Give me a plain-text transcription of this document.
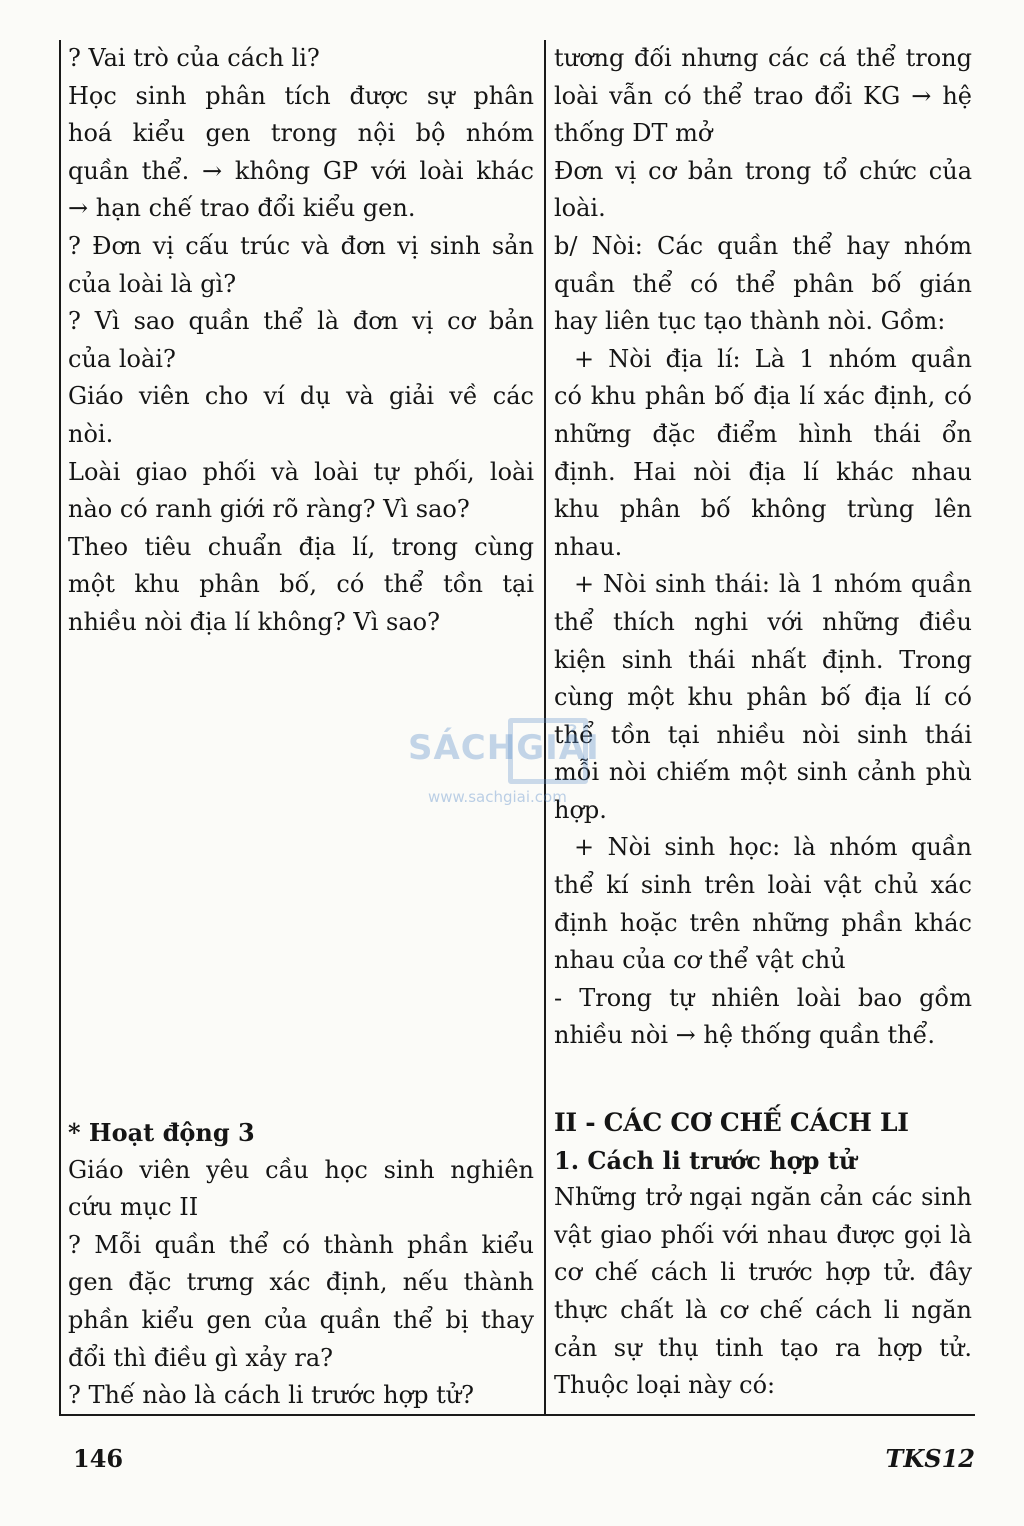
? Vai trò của cách li?
Học sinh phân tích được sự phân
hoá kiểu gen trong nội bộ nhóm
quần thể. → không GP với loài khác
→ hạn chế trao đổi kiểu gen.
? Đơn vị cấu trúc và đơn vị sinh sản
của loài là gì?
? Vì sao quần thể là đơn vị cơ bản
của loài?
Giáo viên cho ví dụ và giải về các
nòi.
Loài giao phối và loài tự phối, loài
nào có ranh giới rõ ràng? Vì sao?
Theo tiêu chuẩn địa lí, trong cùng
một khu phân bố, có thể tồn tại
nhiều nòi địa lí không? Vì sao?
* Hoạt động 3
Giáo viên yêu cầu học sinh nghiên
cứu mục II
? Mỗi quần thể có thành phần kiểu
gen đặc trưng xác định, nếu thành
phần kiểu gen của quần thể bị thay
đổi thì điều gì xảy ra?
? Thế nào là cách li trước hợp tử?
tương đối nhưng các cá thể trong
loài vẫn có thể trao đổi KG → hệ
thống DT mở
Đơn vị cơ bản trong tổ chức của
loài.
b/ Nòi: Các quần thể hay nhóm
quần thể có thể phân bố gián
hay liên tục tạo thành nòi. Gồm:
+ Nòi địa lí: Là 1 nhóm quần
có khu phân bố địa lí xác định, có
những đặc điểm hình thái ổn
định. Hai nòi địa lí khác nhau
khu phân bố không trùng lên
nhau.
+ Nòi sinh thái: là 1 nhóm quần
thể thích nghi với những điều
kiện sinh thái nhất định. Trong
cùng một khu phân bố địa lí có
thể tồn tại nhiều nòi sinh thái
mỗi nòi chiếm một sinh cảnh phù
hợp.
+ Nòi sinh học: là nhóm quần
thể kí sinh trên loài vật chủ xác
định hoặc trên những phần khác
nhau của cơ thể vật chủ
- Trong tự nhiên loài bao gồm
nhiều nòi → hệ thống quần thể.
II - CÁC CƠ CHẾ CÁCH LI
1. Cách li trước hợp tử
Những trở ngại ngăn cản các sinh
vật giao phối với nhau được gọi là
cơ chế cách li trước hợp tử. đây
thực chất là cơ chế cách li ngăn
cản sự thụ tinh tạo ra hợp tử.
Thuộc loại này có:
SÁCHGIẢI
www.sachgiai.com
146	TKS12
